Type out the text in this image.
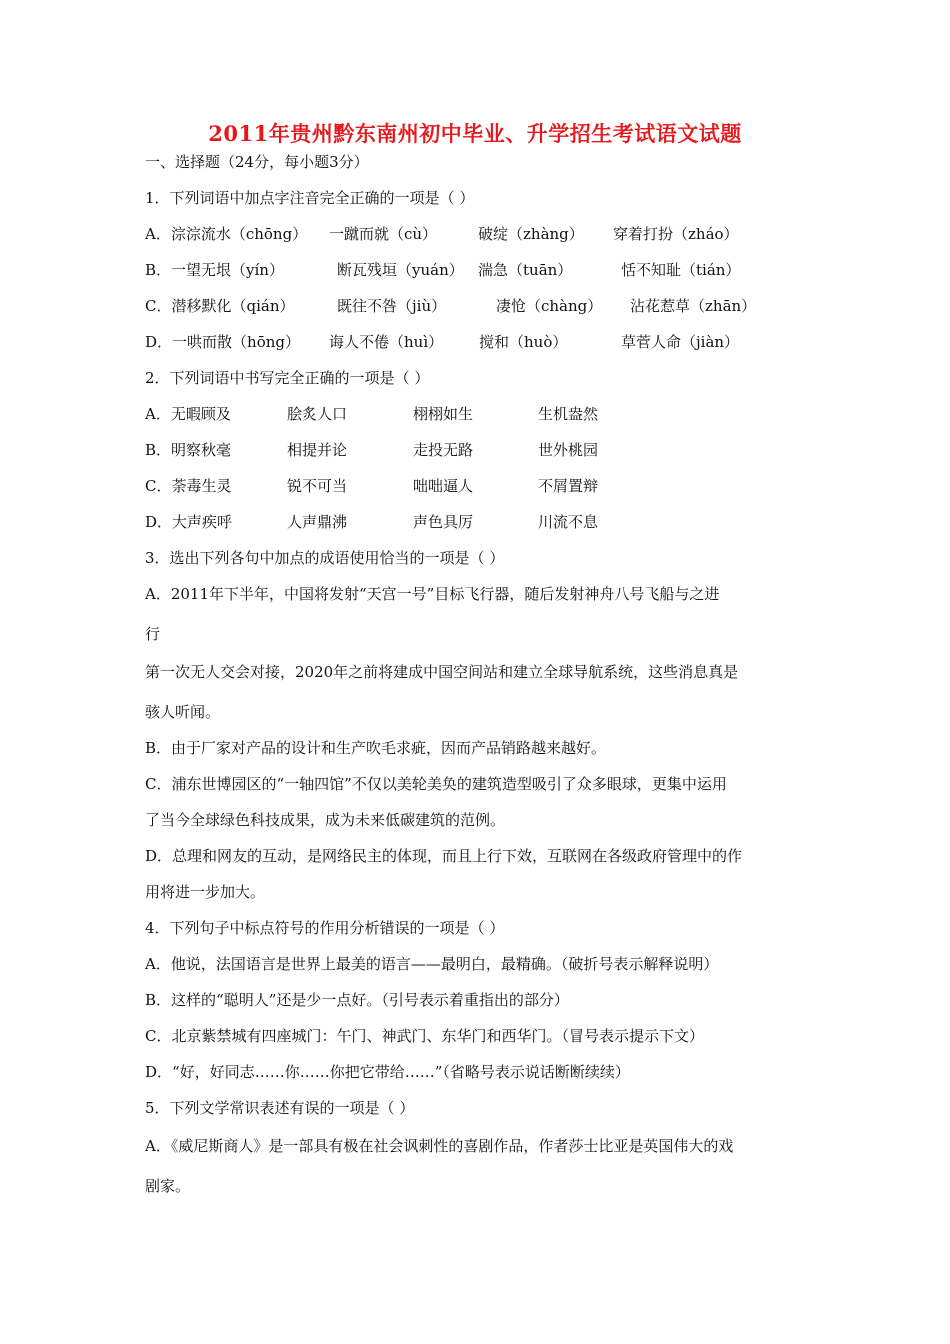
2011年贵州黔东南州初中毕业、升学招生考试语文试题
一、选择题（24分，每小题3分）
1．下列词语中加点字注音完全正确的一项是（ ）
A．淙淙流水（chōng） 一蹴而就（cù）	破绽（zhàng） 穿着打扮（zháo）
B．一望无垠（yín）	断瓦残垣（yuán） 湍急（tuān）	恬不知耻（tián）
C．潜移默化（qián）	既往不咎（jiù）	凄怆（chàng） 沾花惹草（zhān）
D．一哄而散（hōng） 诲人不倦（huì） 搅和（huò）	草菅人命（jiàn）
2．下列词语中书写完全正确的一项是（ ）
A．无暇顾及	脍炙人口	栩栩如生	生机盎然
B．明察秋毫	相提并论	走投无路	世外桃园
C．荼毒生灵	锐不可当	咄咄逼人	不屑置辩
D．大声疾呼	人声鼎沸	声色具厉	川流不息
3．选出下列各句中加点的成语使用恰当的一项是（ ）
A．2011年下半年，中国将发射“天宫一号”目标飞行器，随后发射神舟八号飞船与之进
行
第一次无人交会对接，2020年之前将建成中国空间站和建立全球导航系统，这些消息真是
骇人听闻。
B．由于厂家对产品的设计和生产吹毛求疵，因而产品销路越来越好。
C．浦东世博园区的“一轴四馆”不仅以美轮美奂的建筑造型吸引了众多眼球，更集中运用
了当今全球绿色科技成果，成为未来低碳建筑的范例。
D．总理和网友的互动，是网络民主的体现，而且上行下效，互联网在各级政府管理中的作
用将进一步加大。
4．下列句子中标点符号的作用分析错误的一项是（ ）
A．他说，法国语言是世界上最美的语言——最明白，最精确。（破折号表示解释说明）
B．这样的“聪明人”还是少一点好。（引号表示着重指出的部分）
C．北京紫禁城有四座城门：午门、神武门、东华门和西华门。（冒号表示提示下文）
D．“好，好同志……你……你把它带给……”（省略号表示说话断断续续）
5．下列文学常识表述有误的一项是（ ）
A．《威尼斯商人》是一部具有极在社会讽刺性的喜剧作品，作者莎士比亚是英国伟大的戏
剧家。
